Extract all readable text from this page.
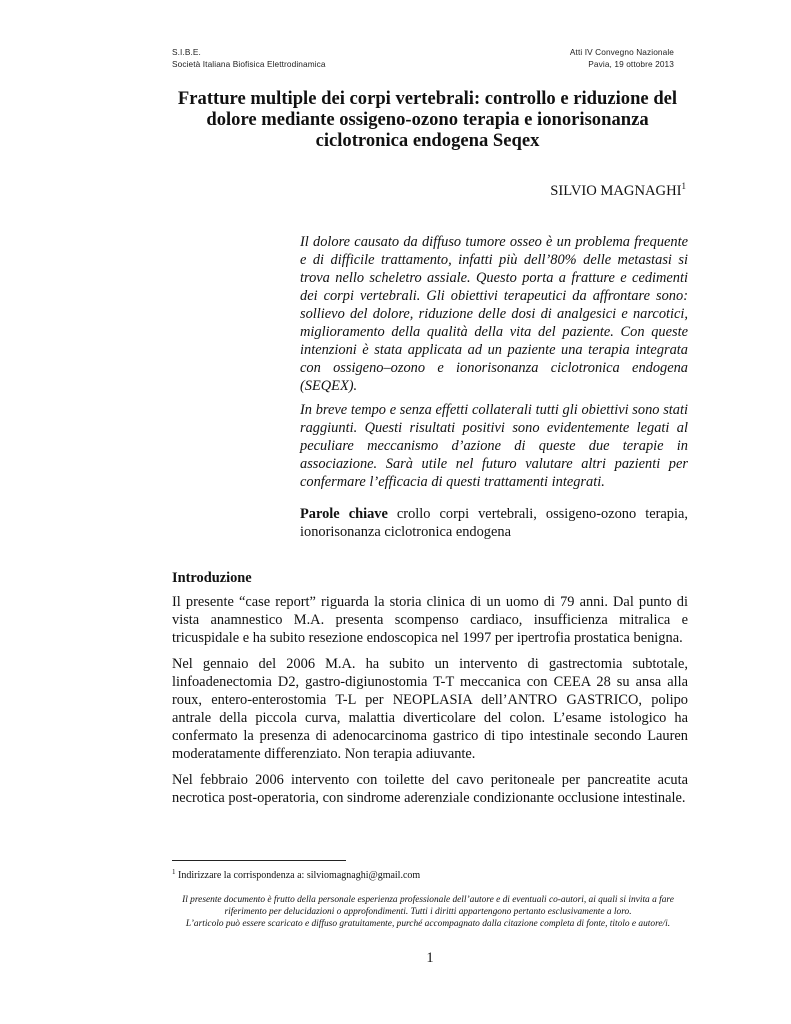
S.I.B.E.
Società Italiana Biofisica Elettrodinamica
Atti IV Convegno Nazionale
Pavia, 19 ottobre 2013
Fratture multiple dei corpi vertebrali: controllo e riduzione del dolore mediante ossigeno-ozono terapia e ionorisonanza ciclotronica endogena Seqex
SILVIO MAGNAGHI$^1$

Il dolore causato da diffuso tumore osseo è un problema frequente e di difficile trattamento, infatti più dell’80% delle metastasi si trova nello scheletro assiale. Questo porta a fratture e cedimenti dei corpi vertebrali. Gli obiettivi terapeutici da affrontare sono: sollievo del dolore, riduzione delle dosi di analgesici e narcotici, miglioramento della qualità della vita del paziente. Con queste intenzioni è stata applicata ad un paziente una terapia integrata con ossigeno–ozono e ionorisonanza ciclotronica endogena (SEQEX).

In breve tempo e senza effetti collaterali tutti gli obiettivi sono stati raggiunti. Questi risultati positivi sono evidentemente legati al peculiare meccanismo d’azione di queste due terapie in associazione. Sarà utile nel futuro valutare altri pazienti per confermare l’efficacia di questi trattamenti integrati.

Parole chiave crollo corpi vertebrali, ossigeno-ozono terapia, ionorisonanza ciclotronica endogena
Introduzione

Il presente “case report” riguarda la storia clinica di un uomo di 79 anni. Dal punto di vista anamnestico M.A. presenta scompenso cardiaco, insufficienza mitralica e tricuspidale e ha subito resezione endoscopica nel 1997 per ipertrofia prostatica benigna.

Nel gennaio del 2006 M.A. ha subito un intervento di gastrectomia subtotale, linfoadenectomia D2, gastro-digiunostomia T-T meccanica con CEEA 28 su ansa alla roux, entero-enterostomia T-L per NEOPLASIA dell’ANTRO GASTRICO, polipo antrale della piccola curva, malattia diverticolare del colon. L’esame istologico ha confermato la presenza di adenocarcinoma gastrico di tipo intestinale secondo Lauren moderatamente differenziato. Non terapia adiuvante.

Nel febbraio 2006 intervento con toilette del cavo peritoneale per pancreatite acuta necrotica post-operatoria, con sindrome aderenziale condizionante occlusione intestinale.

$^1$ Indirizzare la corrispondenza a: silviomagnaghi@gmail.com
Il presente documento è frutto della personale esperienza professionale dell’autore e di eventuali co-autori, ai quali si invita a fare
riferimento per delucidazioni o approfondimenti. Tutti i diritti appartengono pertanto esclusivamente a loro.
L’articolo può essere scaricato e diffuso gratuitamente, purché accompagnato dalla citazione completa di fonte, titolo e autore/i.
1
